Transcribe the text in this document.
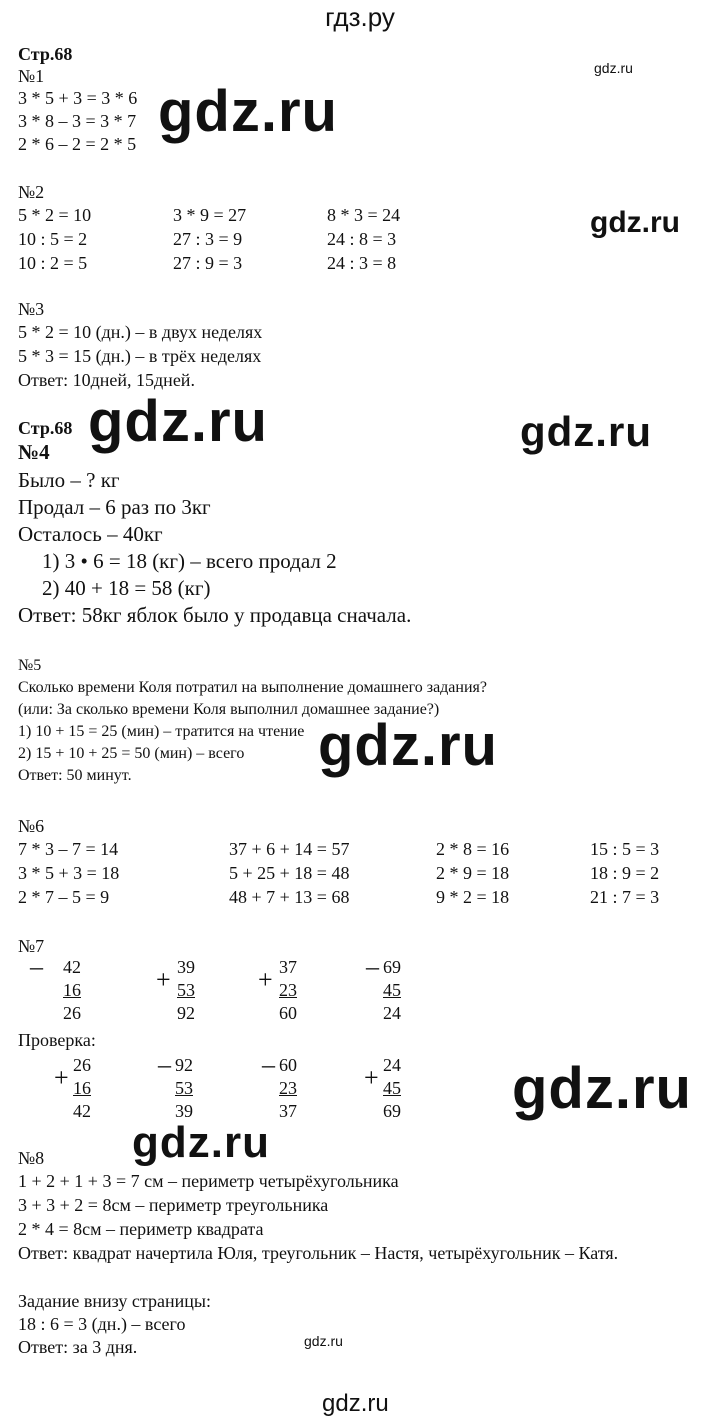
гдз.ру
gdz.ru
gdz.ru
gdz.ru
gdz.ru	gdz.ru
gdz.ru
gdz.ru
gdz.ru
gdz.ru
gdz.ru
Стр.68
№1
3 * 5 + 3 = 3 * 6
3 * 8 – 3 = 3 * 7
2 * 6 – 2 = 2 * 5
№2
5 * 2 = 10
10 : 5 = 2
10 : 2 = 5
3 * 9 = 27
27 : 3 = 9
27 : 9 = 3
8 * 3 = 24
24 : 8 = 3
24 : 3 = 8
№3
5 * 2 = 10 (дн.) – в двух неделях
5 * 3 = 15 (дн.) – в трёх неделях
Ответ: 10дней, 15дней.
Стр.68
№4
Было – ? кг
Продал – 6 раз по 3кг
Осталось – 40кг
1) 3 • 6 = 18 (кг) – всего продал 2
2) 40 + 18 = 58 (кг)
Ответ: 58кг яблок было у продавца сначала.
№5
Сколько времени Коля потратил на выполнение домашнего задания?
(или: За сколько времени Коля выполнил домашнее задание?)
1) 10 + 15 = 25 (мин) – тратится на чтение
2) 15 + 10 + 25 = 50 (мин) – всего
Ответ: 50 минут.
№6
7 * 3 – 7 = 14
3 * 5 + 3 = 18
2 * 7 – 5 = 9
37 + 6 + 14 = 57
5 + 25 + 18 = 48
48 + 7 + 13 = 68
2 * 8 = 16
2 * 9 = 18
9 * 2 = 18
15 : 5 = 3
18 : 9 = 2
21 : 7 = 3
№7
–	42
16
26
+ 39
53
92
+ 37
23
60
– 69
45
24
Проверка:
+ 26
16
42
– 92
53
39
– 60
23
37
+ 24
45
69
№8
1 + 2 + 1 + 3 = 7 см – периметр четырёхугольника
3 + 3 + 2 = 8см – периметр треугольника
2 * 4 = 8см – периметр квадрата
Ответ: квадрат начертила Юля, треугольник – Настя, четырёхугольник – Катя.
Задание внизу страницы:
18 : 6 = 3 (дн.) – всего
Ответ: за 3 дня.
